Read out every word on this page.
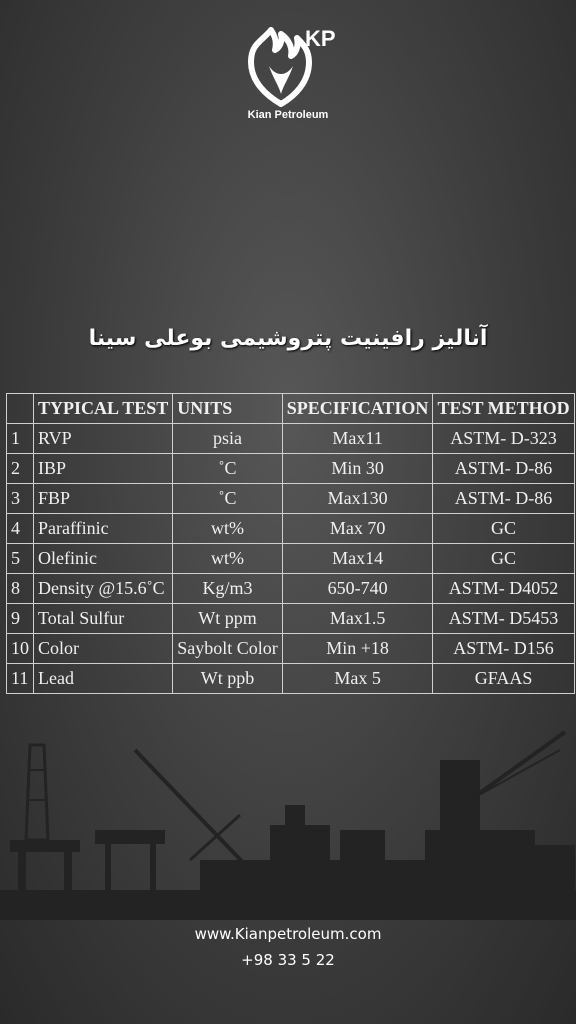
KP
Kian Petroleum
آنالیز رافینیت پتروشیمی بوعلی سینا
	TYPICAL TEST	UNITS	SPECIFICATION	TEST METHOD
1	RVP	psia	Max11	ASTM- D-323
2	IBP	˚C	Min 30	ASTM- D-86
3	FBP	˚C	Max130	ASTM- D-86
4	Paraffinic	wt%	Max 70	GC
5	Olefinic	wt%	Max14	GC
8	Density @15.6˚C	Kg/m3	650-740	ASTM- D4052
9	Total Sulfur	Wt ppm	Max1.5	ASTM- D5453
10	Color	Saybolt Color	Min +18	ASTM- D156
11	Lead	Wt ppb	Max 5	GFAAS
www.Kianpetroleum.com
+98 33 5 22
